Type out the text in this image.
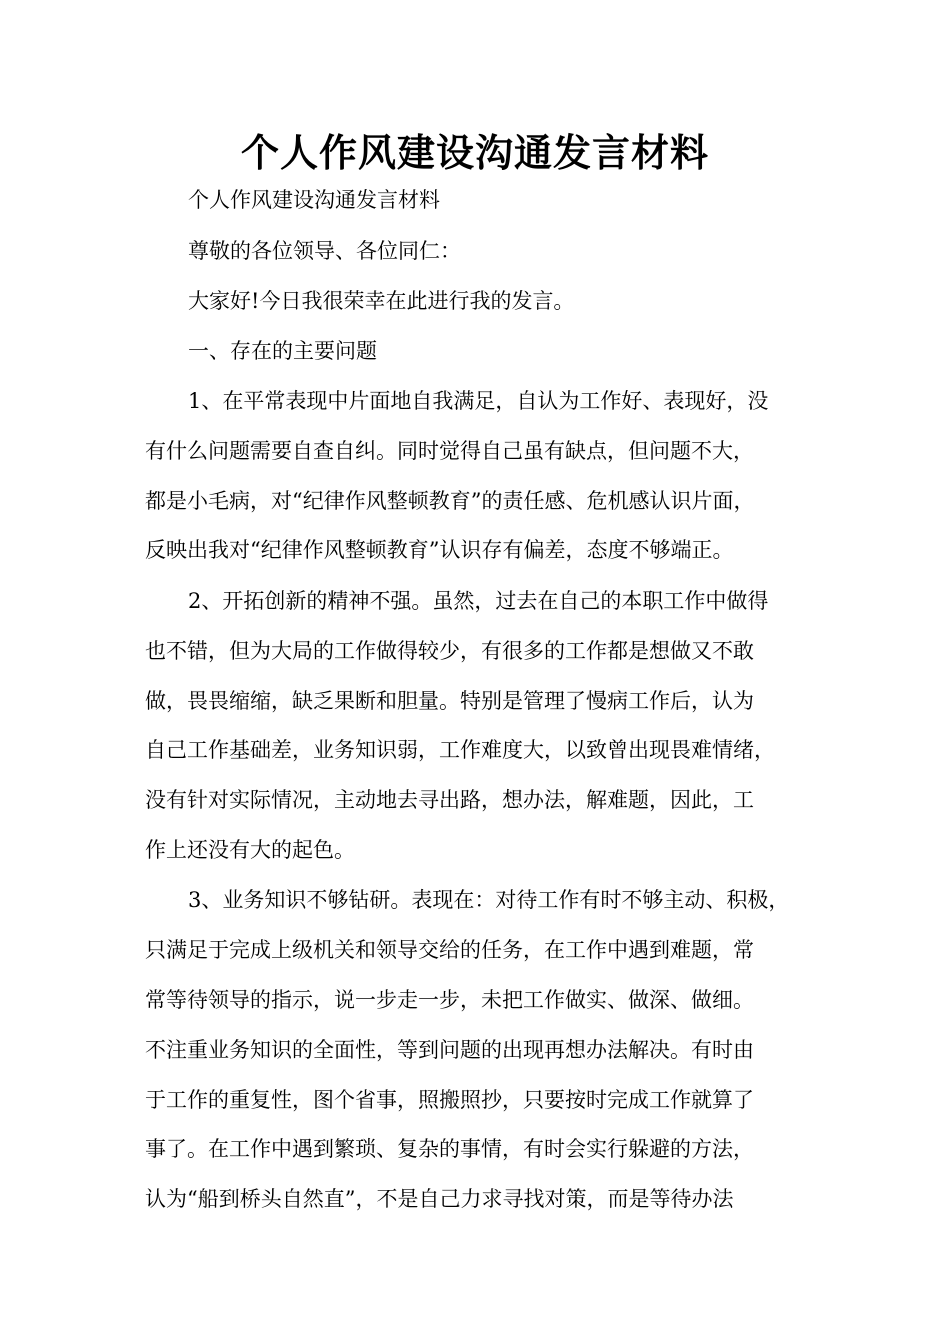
个人作风建设沟通发言材料

个人作风建设沟通发言材料

尊敬的各位领导、各位同仁：

大家好!今日我很荣幸在此进行我的发言。

一、存在的主要问题

1、在平常表现中片面地自我满足，自认为工作好、表现好，没

有什么问题需要自查自纠。同时觉得自己虽有缺点，但问题不大，

都是小毛病，对“纪律作风整顿教育”的责任感、危机感认识片面，

反映出我对“纪律作风整顿教育”认识存有偏差，态度不够端正。

2、开拓创新的精神不强。虽然，过去在自己的本职工作中做得

也不错，但为大局的工作做得较少，有很多的工作都是想做又不敢

做，畏畏缩缩，缺乏果断和胆量。特别是管理了慢病工作后，认为

自己工作基础差，业务知识弱，工作难度大，以致曾出现畏难情绪，

没有针对实际情况，主动地去寻出路，想办法，解难题，因此，工

作上还没有大的起色。

3、业务知识不够钻研。表现在：对待工作有时不够主动、积极，

只满足于完成上级机关和领导交给的任务，在工作中遇到难题，常

常等待领导的指示，说一步走一步，未把工作做实、做深、做细。

不注重业务知识的全面性，等到问题的出现再想办法解决。有时由

于工作的重复性，图个省事，照搬照抄，只要按时完成工作就算了

事了。在工作中遇到繁琐、复杂的事情，有时会实行躲避的方法，

认为“船到桥头自然直”，不是自己力求寻找对策，而是等待办法
